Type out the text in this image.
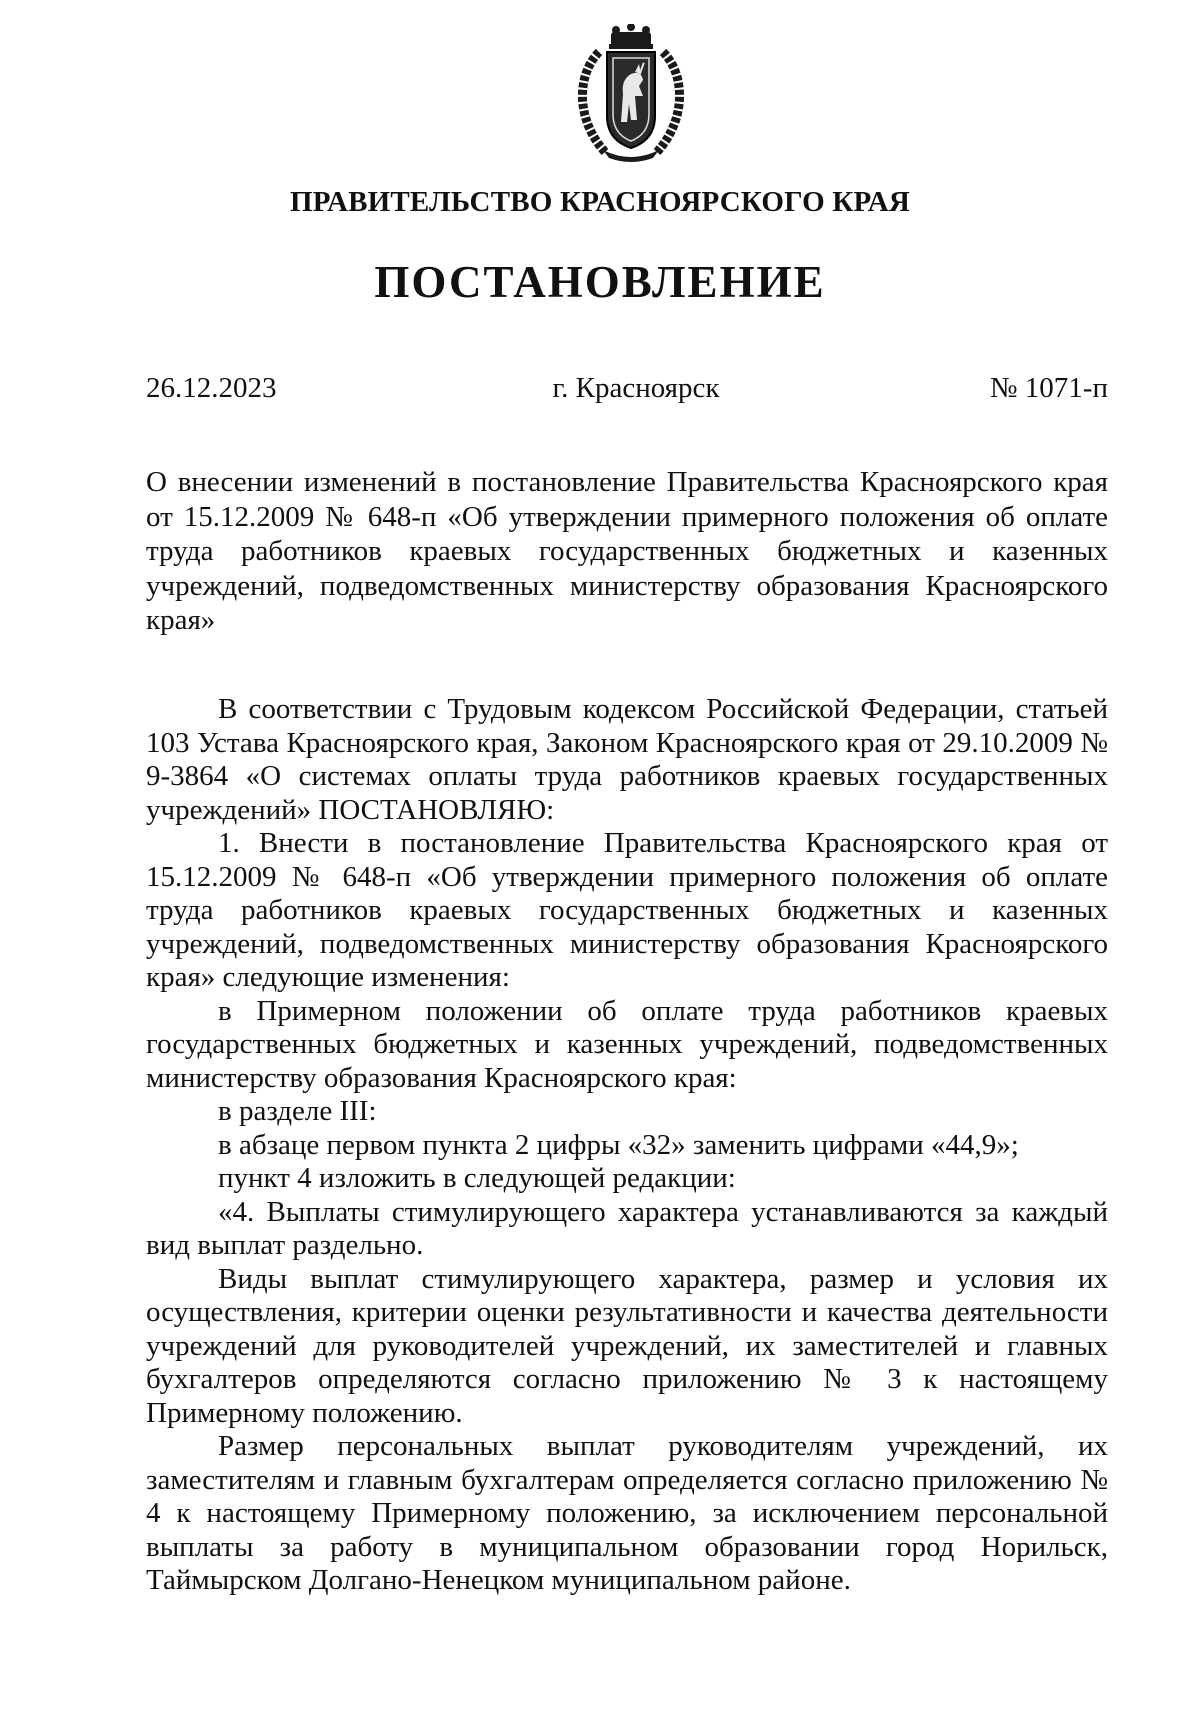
ПРАВИТЕЛЬСТВО КРАСНОЯРСКОГО КРАЯ
ПОСТАНОВЛЕНИЕ
г. Красноярск
26.12.2023	№ 1071-п
О внесении изменений в постановление Правительства Красноярского края от 15.12.2009 № 648-п «Об утверждении примерного положения об оплате труда работников краевых государственных бюджетных и казенных учреждений, подведомственных министерству образования Красноярского края»

В соответствии с Трудовым кодексом Российской Федерации, статьей 103 Устава Красноярского края, Законом Красноярского края от 29.10.2009 № 9-3864 «О системах оплаты труда работников краевых государственных учреждений» ПОСТАНОВЛЯЮ:

1. Внести в постановление Правительства Красноярского края от 15.12.2009 № 648-п «Об утверждении примерного положения об оплате труда работников краевых государственных бюджетных и казенных учреждений, подведомственных министерству образования Красноярского края» следующие изменения:

в Примерном положении об оплате труда работников краевых государственных бюджетных и казенных учреждений, подведомственных министерству образования Красноярского края:

в разделе III:

в абзаце первом пункта 2 цифры «32» заменить цифрами «44,9»;

пункт 4 изложить в следующей редакции:

«4. Выплаты стимулирующего характера устанавливаются за каждый вид выплат раздельно.

Виды выплат стимулирующего характера, размер и условия их осуществления, критерии оценки результативности и качества деятельности учреждений для руководителей учреждений, их заместителей и главных бухгалтеров определяются согласно приложению № 3 к настоящему Примерному положению.

Размер персональных выплат руководителям учреждений, их заместителям и главным бухгалтерам определяется согласно приложению № 4 к настоящему Примерному положению, за исключением персональной выплаты за работу в муниципальном образовании город Норильск, Таймырском Долгано-Ненецком муниципальном районе.
